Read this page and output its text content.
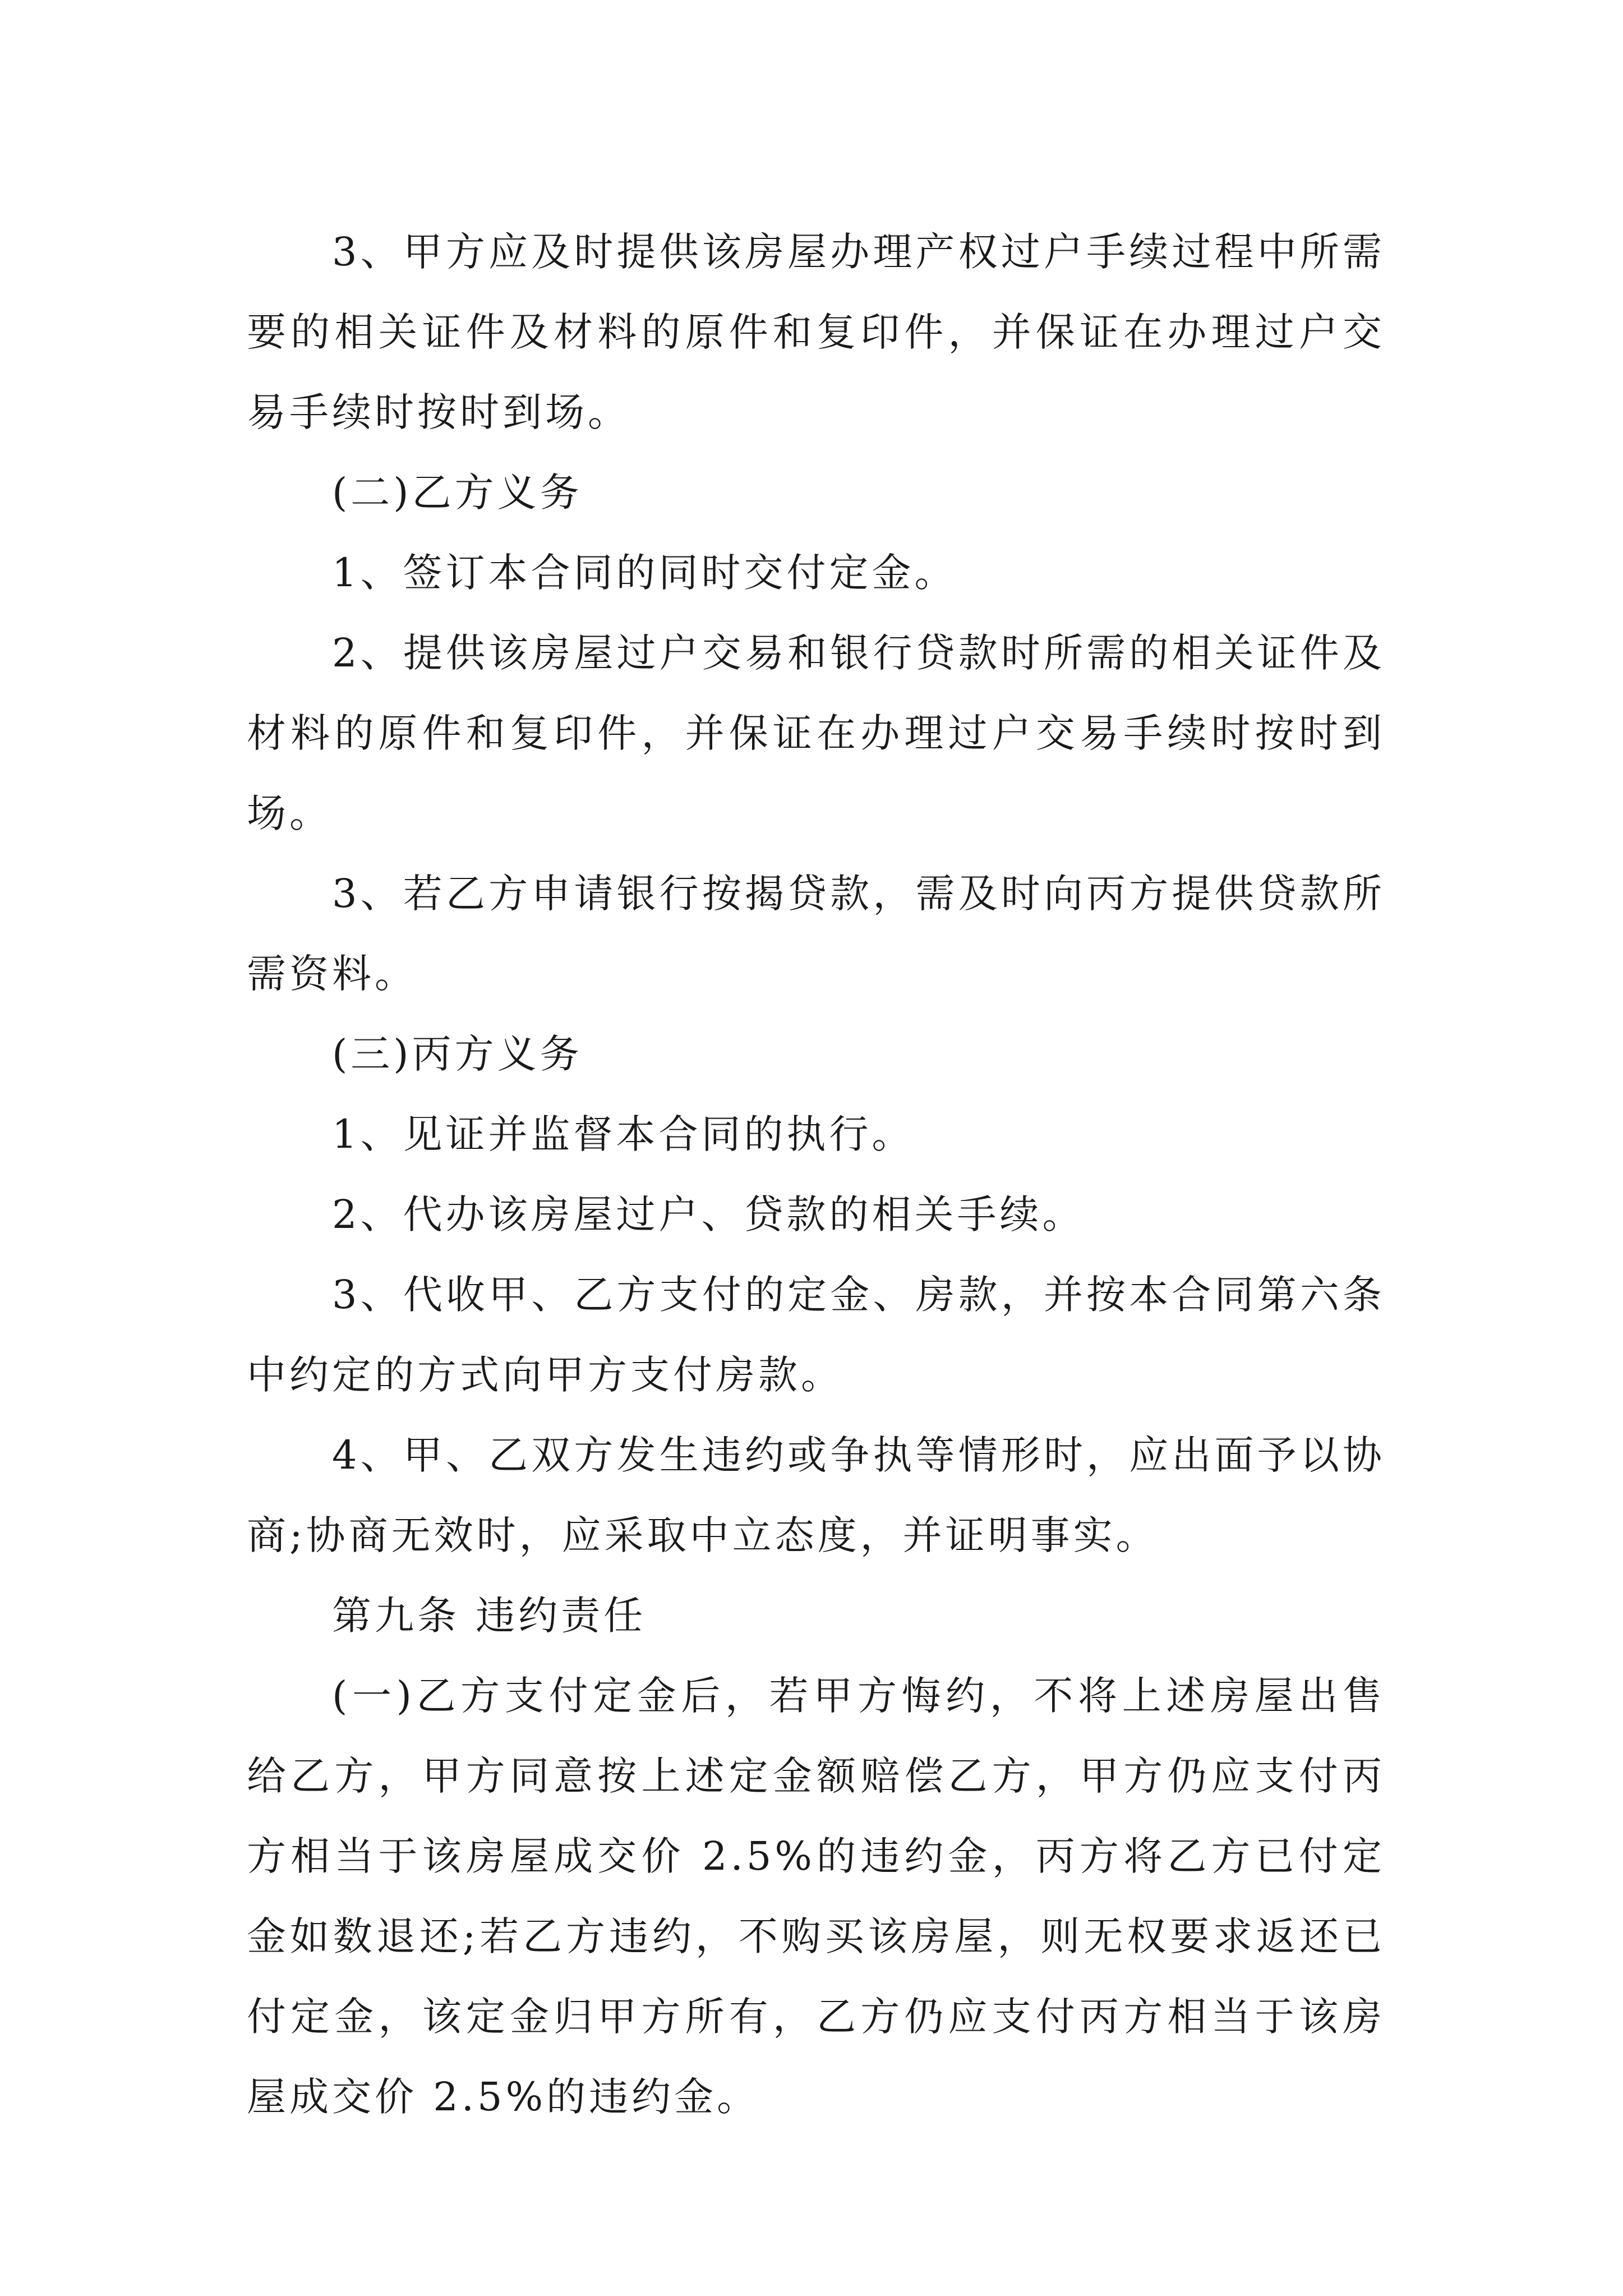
3、甲方应及时提供该房屋办理产权过户手续过程中所需要的相关证件及材料的原件和复印件，并保证在办理过户交易手续时按时到场。

(二)乙方义务

1、签订本合同的同时交付定金。

2、提供该房屋过户交易和银行贷款时所需的相关证件及材料的原件和复印件，并保证在办理过户交易手续时按时到场。

3、若乙方申请银行按揭贷款，需及时向丙方提供贷款所需资料。

(三)丙方义务

1、见证并监督本合同的执行。

2、代办该房屋过户、贷款的相关手续。

3、代收甲、乙方支付的定金、房款，并按本合同第六条中约定的方式向甲方支付房款。

4、甲、乙双方发生违约或争执等情形时，应出面予以协商;协商无效时，应采取中立态度，并证明事实。

第九条 违约责任

(一)乙方支付定金后，若甲方悔约，不将上述房屋出售给乙方，甲方同意按上述定金额赔偿乙方，甲方仍应支付丙方相当于该房屋成交价 2.5%的违约金，丙方将乙方已付定金如数退还;若乙方违约，不购买该房屋，则无权要求返还已付定金，该定金归甲方所有，乙方仍应支付丙方相当于该房屋成交价 2.5%的违约金。
